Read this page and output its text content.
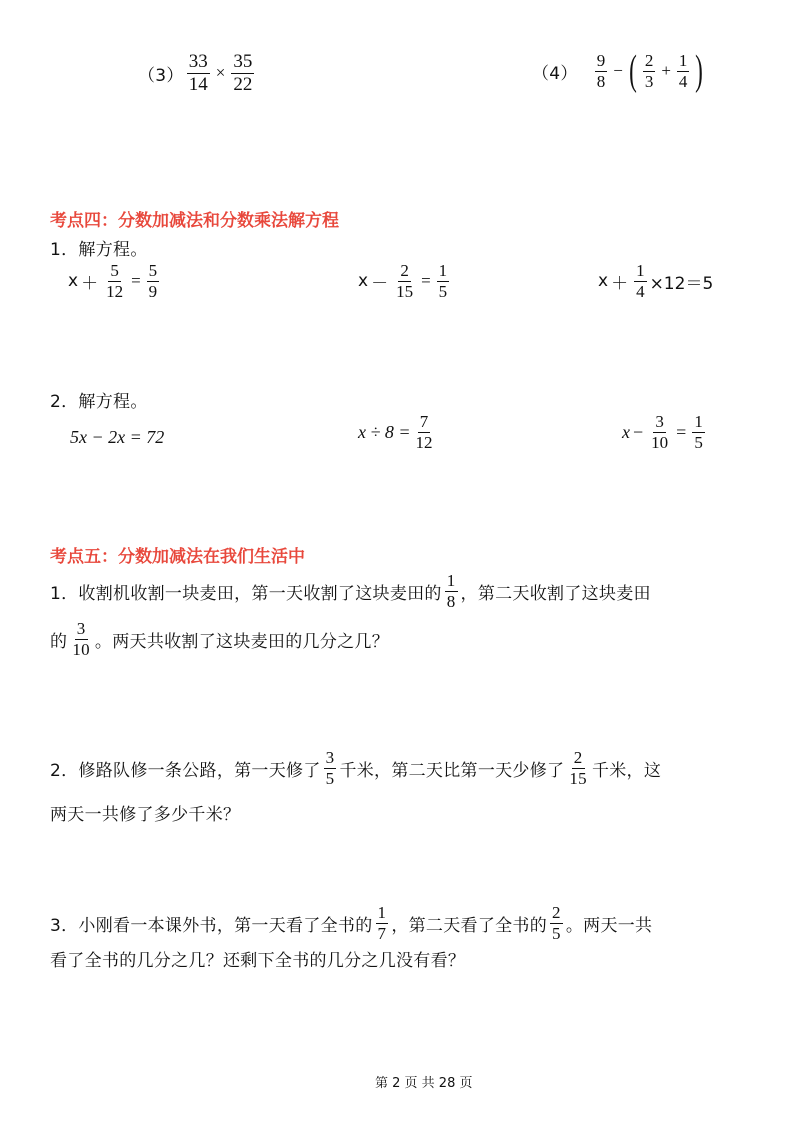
$(3) \frac{33}{14} \times \frac{35}{22}$	$(4) \frac{9}{8}$ − ( $\frac{2}{3} + \frac{1}{4}$ )
考点四：分数加减法和分数乘法解方程
1．解方程。
$x + \frac{5}{12} = \frac{5}{9}$	$x - \frac{2}{15} = \frac{1}{5}$	$x + \frac{1}{4} \times 12=5$
2．解方程。
5x − 2x = 72	$x \div 8 = \frac{7}{12}$	$x - \frac{3}{10} = \frac{1}{5}$
考点五：分数加减法在我们生活中
1．收割机收割一块麦田，第一天收割了这块麦田的 $\frac{1}{8}$ ，第二天收割了这块麦田
的 $\frac{3}{10}$ 。两天共收割了这块麦田的几分之几？
2．修路队修一条公路，第一天修了 $\frac{3}{5}$ 千米，第二天比第一天少修了 $\frac{2}{15}$ 千米，这
两天一共修了多少千米？
3．小刚看一本课外书，第一天看了全书的 $\frac{1}{7}$ ，第二天看了全书的 $\frac{2}{5}$ 。两天一共
看了全书的几分之几？还剩下全书的几分之几没有看？
第 2 页 共 28 页
